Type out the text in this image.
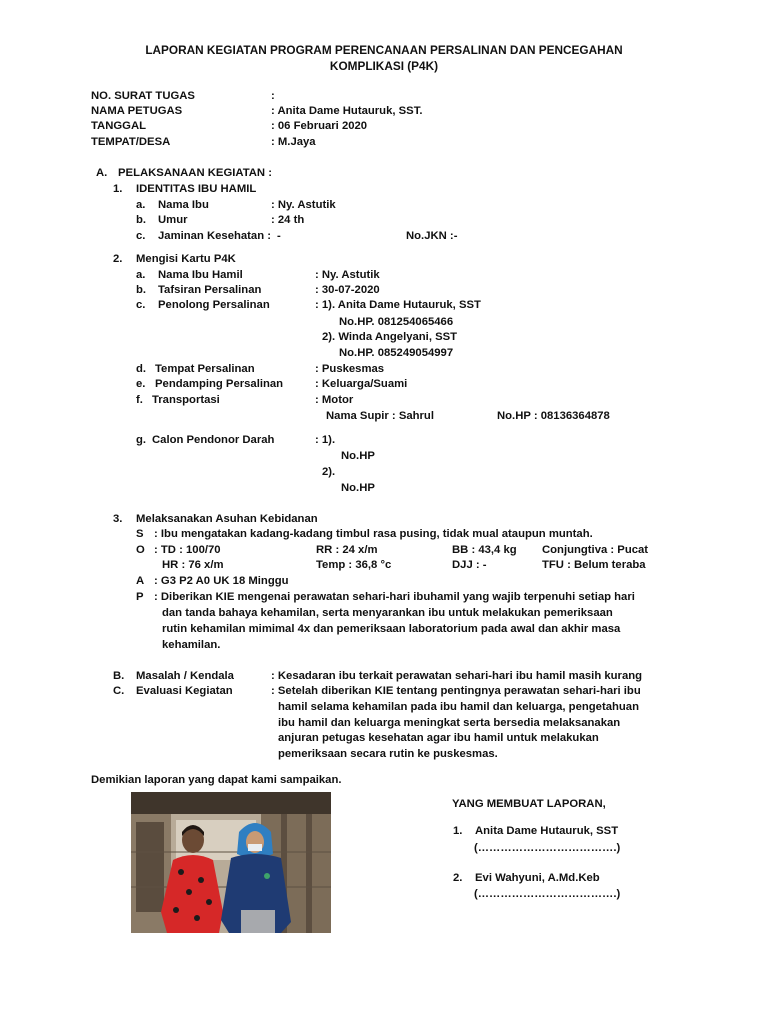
LAPORAN KEGIATAN PROGRAM PERENCANAAN PERSALINAN DAN PENCEGAHAN
KOMPLIKASI (P4K)
NO. SURAT TUGAS	:
NAMA PETUGAS	: Anita Dame Hutauruk, SST.
TANGGAL	: 06 Februari 2020
TEMPAT/DESA	: M.Jaya
A. PELAKSANAAN KEGIATAN :
1. IDENTITAS IBU HAMIL
a. Nama Ibu	: Ny. Astutik
b. Umur	: 24 th
c. Jaminan Kesehatan : -	No.JKN :-
2. Mengisi Kartu P4K
a. Nama Ibu Hamil	: Ny. Astutik
b. Tafsiran Persalinan	: 30-07-2020
c. Penolong Persalinan	: 1). Anita Dame Hutauruk, SST
No.HP. 081254065466
2). Winda Angelyani, SST
No.HP. 085249054997
d. Tempat Persalinan	: Puskesmas
e. Pendamping Persalinan	: Keluarga/Suami
f. Transportasi	: Motor
Nama Supir : Sahrul	No.HP : 08136364878
g. Calon Pendonor Darah	: 1).
No.HP
2).
No.HP
3. Melaksanakan Asuhan Kebidanan
S : Ibu mengatakan kadang-kadang timbul rasa pusing, tidak mual ataupun muntah.
O : TD : 100/70	RR : 24 x/m	BB : 43,4 kg Conjungtiva : Pucat
HR : 76 x/m	Temp : 36,8 °c	DJJ : -	TFU : Belum teraba
A : G3 P2 A0 UK 18 Minggu
P : Diberikan KIE mengenai perawatan sehari-hari ibuhamil yang wajib terpenuhi setiap hari
dan tanda bahaya kehamilan, serta menyarankan ibu untuk melakukan pemeriksaan
rutin kehamilan mimimal 4x dan pemeriksaan laboratorium pada awal dan akhir masa
kehamilan.
B. Masalah / Kendala	: Kesadaran ibu terkait perawatan sehari-hari ibu hamil masih kurang
C. Evaluasi Kegiatan	: Setelah diberikan KIE tentang pentingnya perawatan sehari-hari ibu
hamil selama kehamilan pada ibu hamil dan keluarga, pengetahuan
ibu hamil dan keluarga meningkat serta bersedia melaksanakan
anjuran petugas kesehatan agar ibu hamil untuk melakukan
pemeriksaan secara rutin ke puskesmas.
Demikian laporan yang dapat kami sampaikan.
YANG MEMBUAT LAPORAN,
1. Anita Dame Hutauruk, SST
(……………………………….)
2. Evi Wahyuni, A.Md.Keb
(……………………………….)
